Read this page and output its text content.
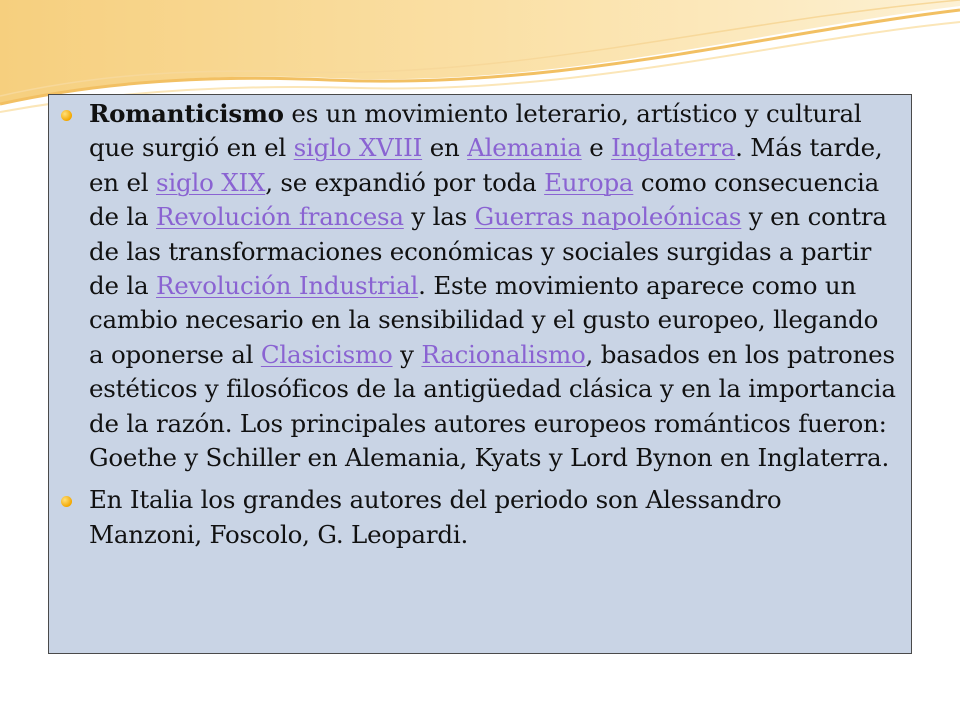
Romanticismo es un movimiento leterario, artístico y cultural que surgió en el siglo XVIII en Alemania e Inglaterra. Más tarde, en el siglo XIX, se expandió por toda Europa como consecuencia de la Revolución francesa y las Guerras napoleónicas y en contra de las transformaciones económicas y sociales surgidas a partir de la Revolución Industrial. Este movimiento aparece como un cambio necesario en la sensibilidad y el gusto europeo, llegando a oponerse al Clasicismo y Racionalismo, basados en los patrones estéticos y filosóficos de la antigüedad clásica y en la importancia de la razón. Los principales autores europeos románticos fueron: Goethe y Schiller en Alemania, Kyats y Lord Bynon en Inglaterra.
En Italia los grandes autores del periodo son Alessandro Manzoni, Foscolo, G. Leopardi.
